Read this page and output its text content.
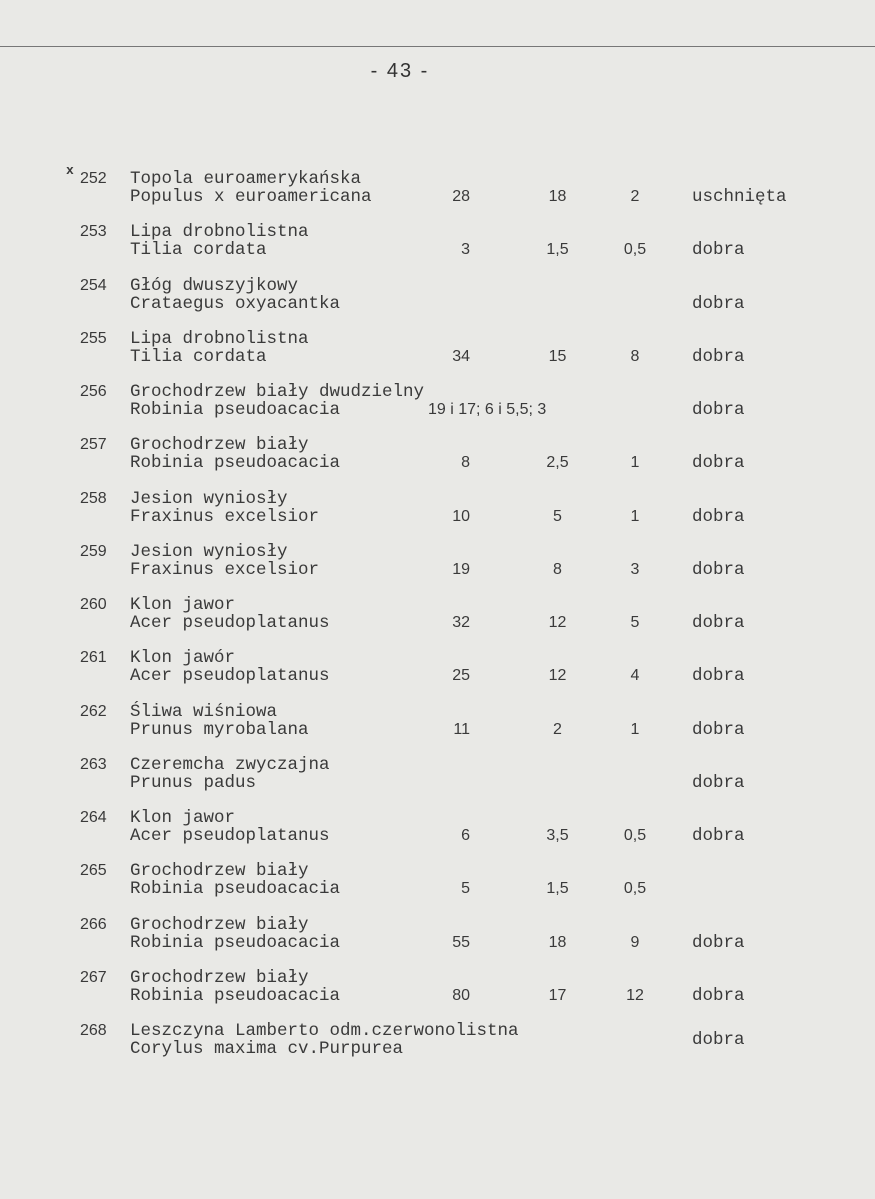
- 43 -
x 252 Topola euroamerykańska
Populus x euroamericana	28	18	2	uschnięta
253 Lipa drobnolistna
Tilia cordata	3	1,5	0,5	dobra
254 Głóg dwuszyjkowy
Crataegus oxyacantka	dobra
255 Lipa drobnolistna
Tilia cordata	34	15	8	dobra
256 Grochodrzew biały dwudzielny
Robinia pseudoacacia	19 i 17; 6 i 5,5; 3	dobra
257 Grochodrzew biały
Robinia pseudoacacia	8	2,5	1	dobra
258 Jesion wyniosły
Fraxinus excelsior	10	5	1	dobra
259 Jesion wyniosły
Fraxinus excelsior	19	8	3	dobra
260 Klon jawor
Acer pseudoplatanus	32	12	5	dobra
261 Klon jawór
Acer pseudoplatanus	25	12	4	dobra
262 Śliwa wiśniowa
Prunus myrobalana	11	2	1	dobra
263 Czeremcha zwyczajna
Prunus padus	dobra
264 Klon jawor
Acer pseudoplatanus	6	3,5	0,5	dobra
265 Grochodrzew biały
Robinia pseudoacacia	5	1,5	0,5
266 Grochodrzew biały
Robinia pseudoacacia	55	18	9	dobra
267 Grochodrzew biały
Robinia pseudoacacia	80	17	12	dobra
268 Leszczyna Lamberto odm.czerwonolistna
Corylus maxima cv.Purpurea	dobra
